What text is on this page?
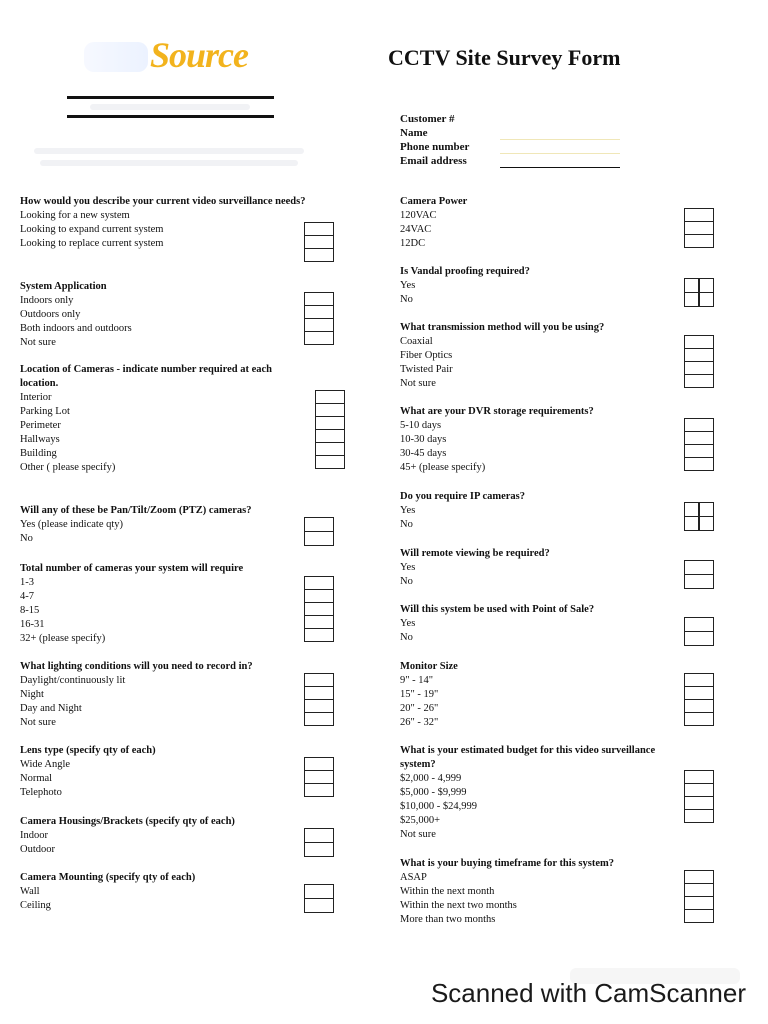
Source	CCTV Site Survey Form
Customer #
Name
Phone number
Email address
How would you describe your current video surveillance needs?
Looking for a new system
Looking to expand current system
Looking to replace current system
System Application
Indoors only
Outdoors only
Both indoors and outdoors
Not sure
Location of Cameras - indicate number required at each location.
Interior
Parking Lot
Perimeter
Hallways
Building
Other ( please specify)
Will any of these be Pan/Tilt/Zoom (PTZ) cameras?
Yes (please indicate qty)
No
Total number of cameras your system will require
1-3
4-7
8-15
16-31
32+ (please specify)
What lighting conditions will you need to record in?
Daylight/continuously lit
Night
Day and Night
Not sure
Lens type (specify qty of each)
Wide Angle
Normal
Telephoto
Camera Housings/Brackets (specify qty of each)
Indoor
Outdoor
Camera Mounting (specify qty of each)
Wall
Ceiling
Camera Power
120VAC
24VAC
12DC
Is Vandal proofing required?
Yes
No
What transmission method will you be using?
Coaxial
Fiber Optics
Twisted Pair
Not sure
What are your DVR storage requirements?
5-10 days
10-30 days
30-45 days
45+ (please specify)
Do you require IP cameras?
Yes
No
Will remote viewing be required?
Yes
No
Will this system be used with Point of Sale?
Yes
No
Monitor Size
9" - 14"
15" - 19"
20" - 26"
26" - 32"
What is your estimated budget for this video surveillance system?
$2,000 - 4,999
$5,000 - $9,999
$10,000 - $24,999
$25,000+
Not sure
What is your buying timeframe for this system?
ASAP
Within the next month
Within the next two months
More than two months
Scanned with CamScanner
